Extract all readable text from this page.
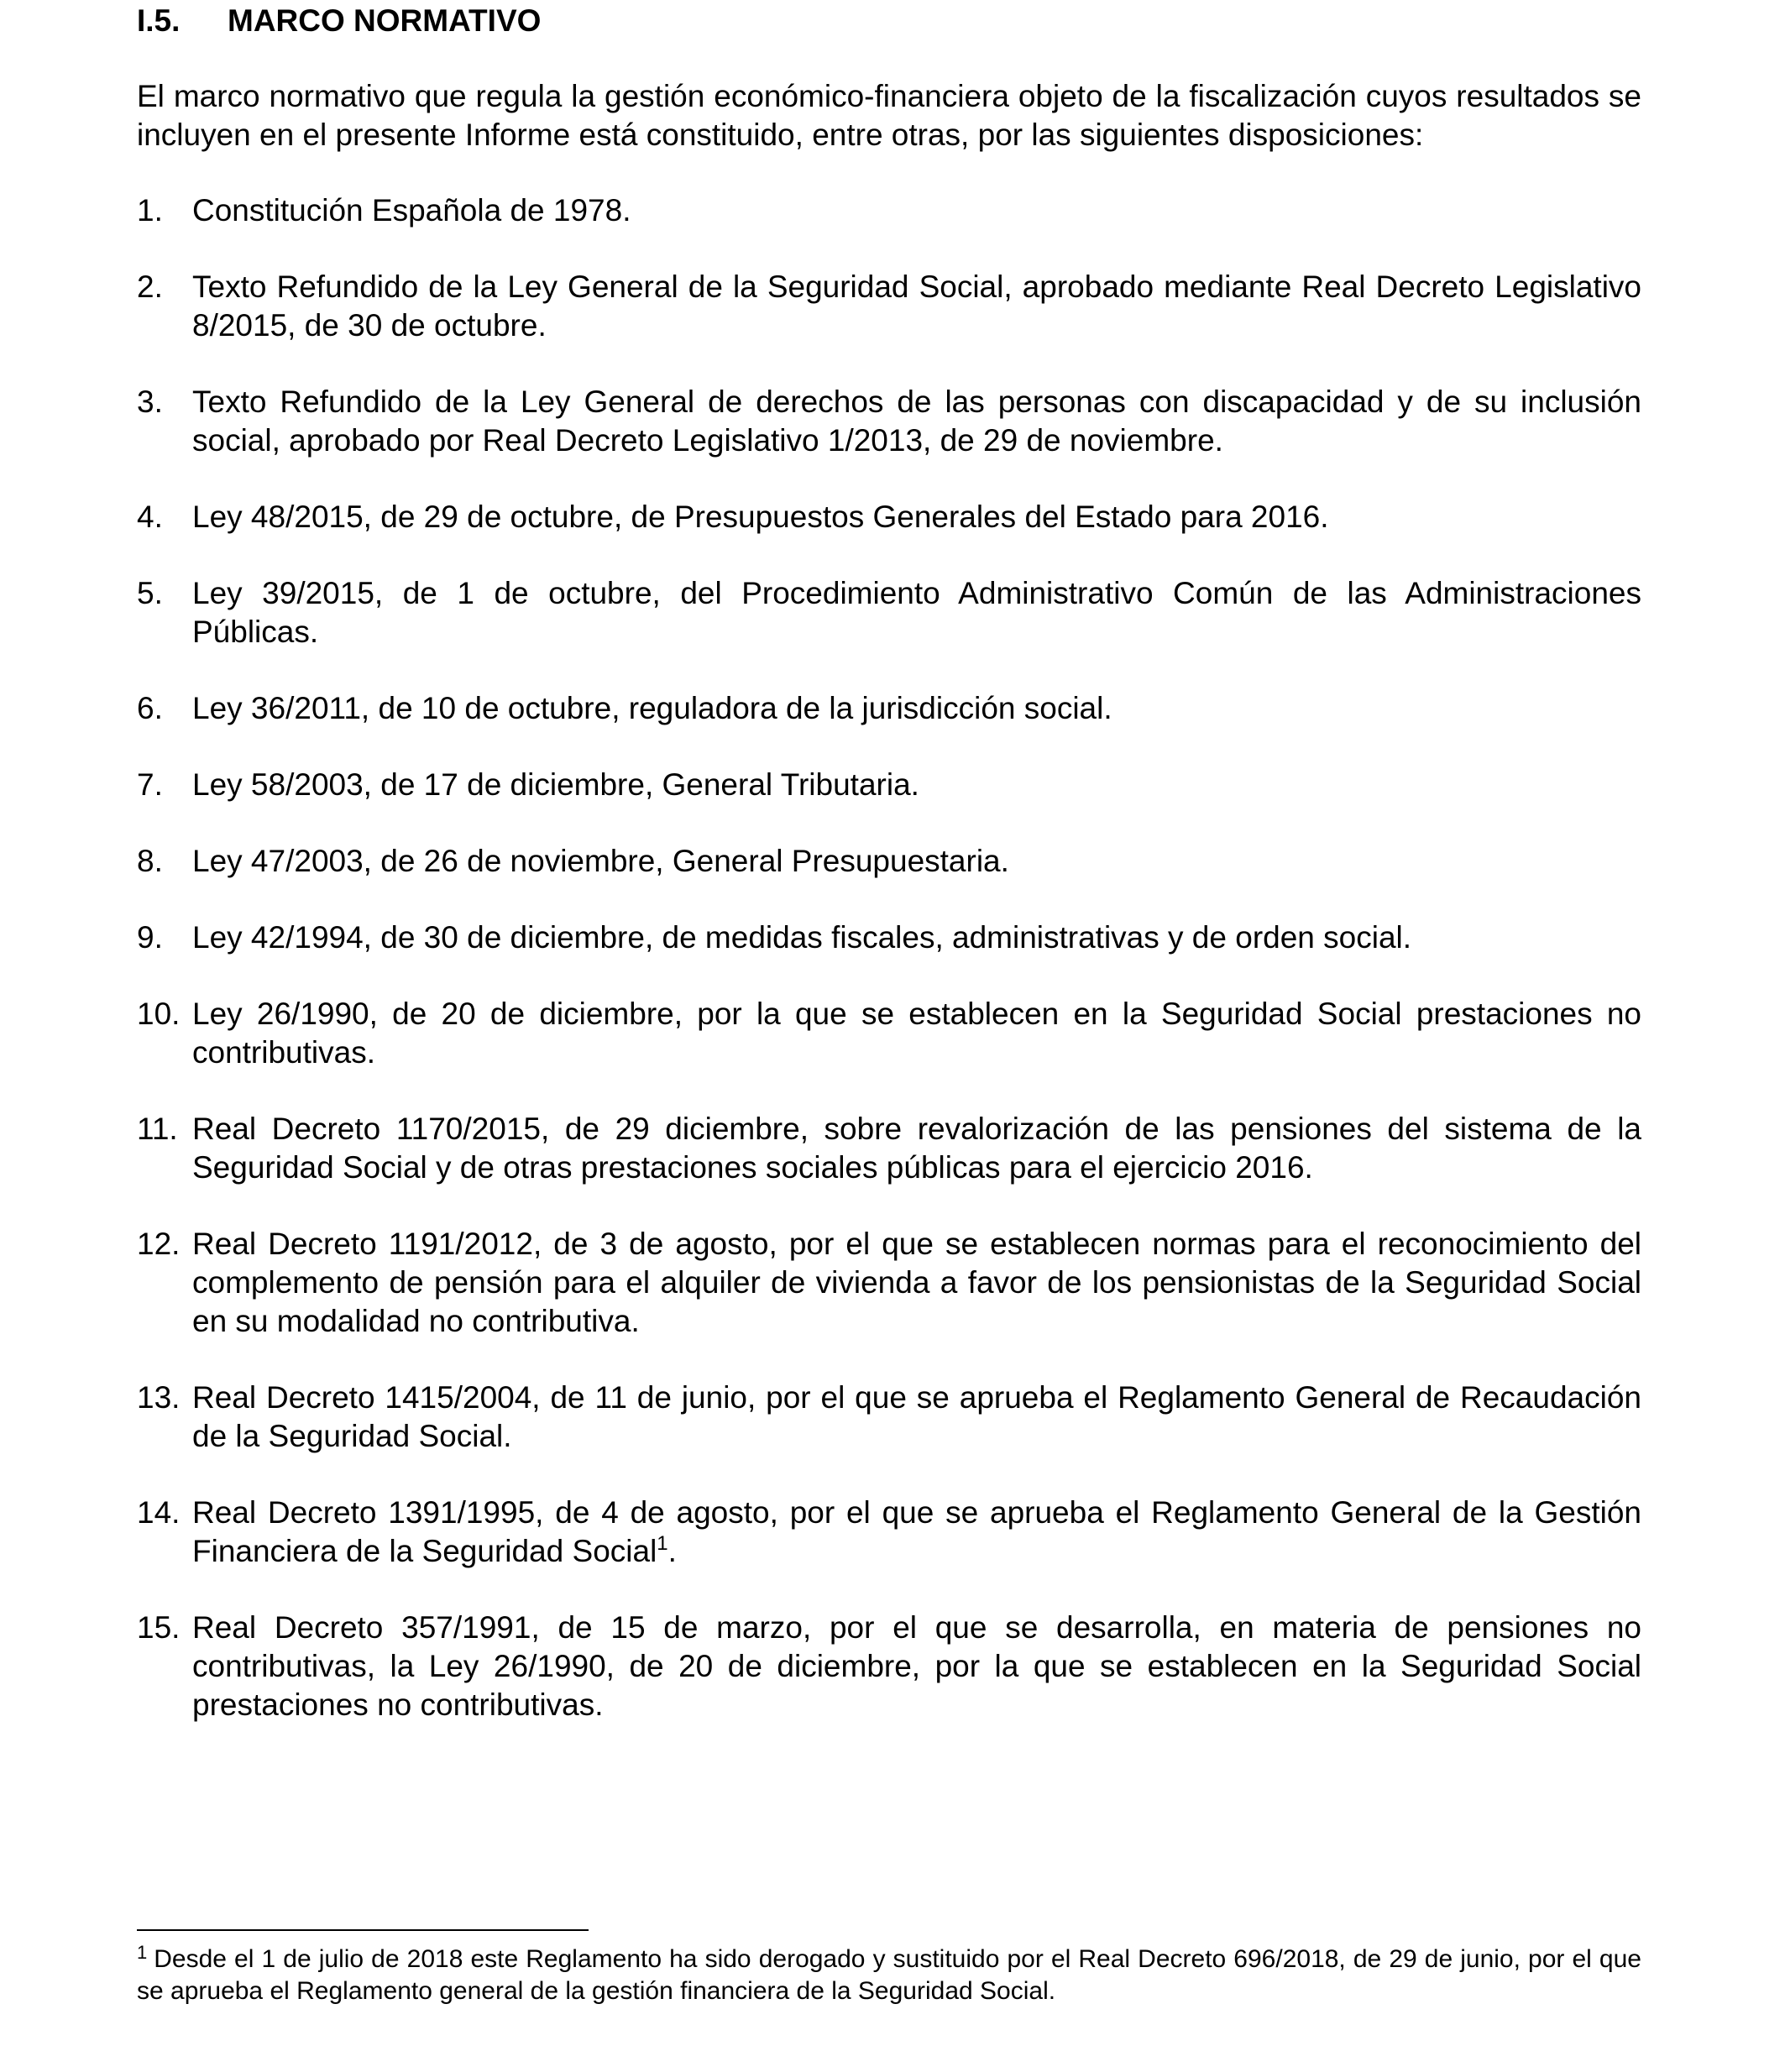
I.5.	MARCO NORMATIVO

El marco normativo que regula la gestión económico-financiera objeto de la fiscalización cuyos resultados se incluyen en el presente Informe está constituido, entre otras, por las siguientes disposiciones:

1. Constitución Española de 1978.
2. Texto Refundido de la Ley General de la Seguridad Social, aprobado mediante Real Decreto Legislativo 8/2015, de 30 de octubre.
3. Texto Refundido de la Ley General de derechos de las personas con discapacidad y de su inclusión social, aprobado por Real Decreto Legislativo 1/2013, de 29 de noviembre.
4. Ley 48/2015, de 29 de octubre, de Presupuestos Generales del Estado para 2016.
5. Ley 39/2015, de 1 de octubre, del Procedimiento Administrativo Común de las Administraciones Públicas.
6. Ley 36/2011, de 10 de octubre, reguladora de la jurisdicción social.
7. Ley 58/2003, de 17 de diciembre, General Tributaria.
8. Ley 47/2003, de 26 de noviembre, General Presupuestaria.
9. Ley 42/1994, de 30 de diciembre, de medidas fiscales, administrativas y de orden social.
10. Ley 26/1990, de 20 de diciembre, por la que se establecen en la Seguridad Social prestaciones no contributivas.
11. Real Decreto 1170/2015, de 29 diciembre, sobre revalorización de las pensiones del sistema de la Seguridad Social y de otras prestaciones sociales públicas para el ejercicio 2016.
12. Real Decreto 1191/2012, de 3 de agosto, por el que se establecen normas para el reconocimiento del complemento de pensión para el alquiler de vivienda a favor de los pensionistas de la Seguridad Social en su modalidad no contributiva.
13. Real Decreto 1415/2004, de 11 de junio, por el que se aprueba el Reglamento General de Recaudación de la Seguridad Social.
14. Real Decreto 1391/1995, de 4 de agosto, por el que se aprueba el Reglamento General de la Gestión Financiera de la Seguridad Social$^1$.
15. Real Decreto 357/1991, de 15 de marzo, por el que se desarrolla, en materia de pensiones no contributivas, la Ley 26/1990, de 20 de diciembre, por la que se establecen en la Seguridad Social prestaciones no contributivas.
$^1$ Desde el 1 de julio de 2018 este Reglamento ha sido derogado y sustituido por el Real Decreto 696/2018, de 29 de junio, por el que se aprueba el Reglamento general de la gestión financiera de la Seguridad Social.
